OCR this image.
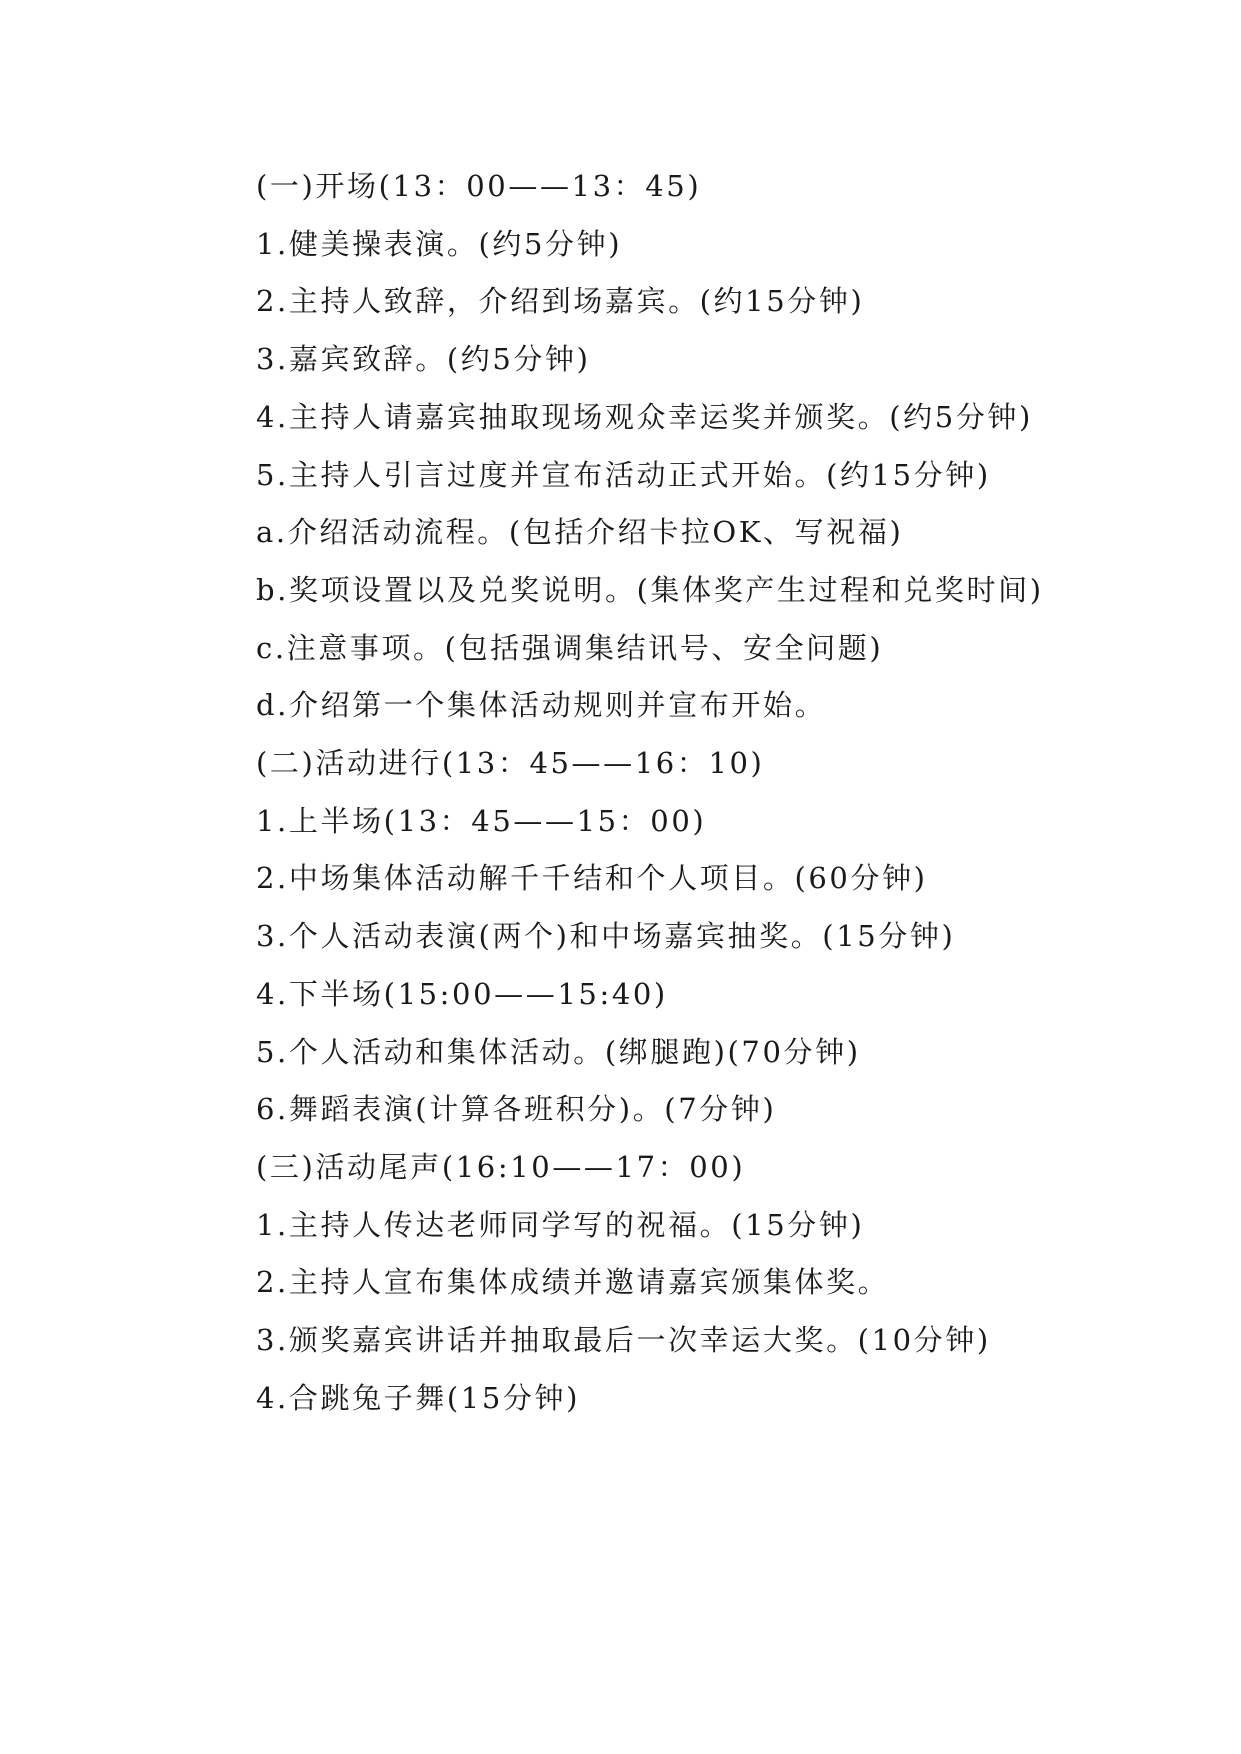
(一)开场(13：00——13：45)

1.健美操表演。(约5分钟)

2.主持人致辞，介绍到场嘉宾。(约15分钟)

3.嘉宾致辞。(约5分钟)

4.主持人请嘉宾抽取现场观众幸运奖并颁奖。(约5分钟)

5.主持人引言过度并宣布活动正式开始。(约15分钟)

a.介绍活动流程。(包括介绍卡拉OK、写祝福)

b.奖项设置以及兑奖说明。(集体奖产生过程和兑奖时间)

c.注意事项。(包括强调集结讯号、安全问题)

d.介绍第一个集体活动规则并宣布开始。

(二)活动进行(13：45——16：10)

1.上半场(13：45——15：00)

2.中场集体活动解千千结和个人项目。(60分钟)

3.个人活动表演(两个)和中场嘉宾抽奖。(15分钟)

4.下半场(15:00——15:40)

5.个人活动和集体活动。(绑腿跑)(70分钟)

6.舞蹈表演(计算各班积分)。(7分钟)

(三)活动尾声(16:10——17：00)

1.主持人传达老师同学写的祝福。(15分钟)

2.主持人宣布集体成绩并邀请嘉宾颁集体奖。

3.颁奖嘉宾讲话并抽取最后一次幸运大奖。(10分钟)

4.合跳兔子舞(15分钟)
